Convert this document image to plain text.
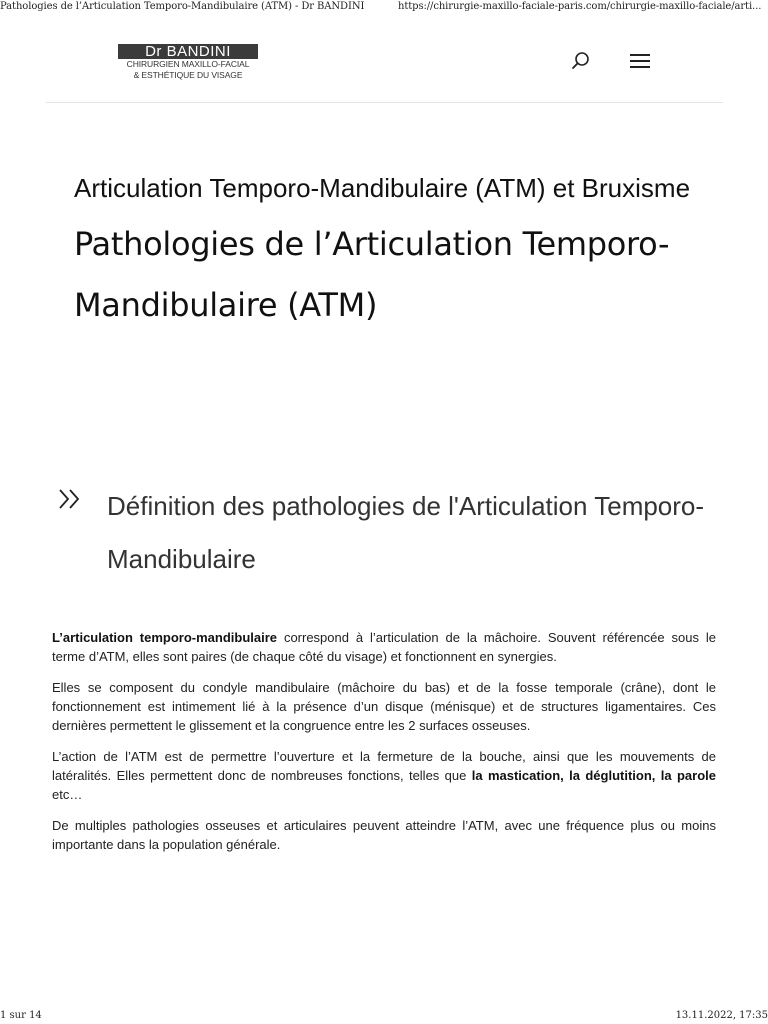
Pathologies de l’Articulation Temporo-Mandibulaire (ATM) - Dr BANDINI	https://chirurgie-maxillo-faciale-paris.com/chirurgie-maxillo-faciale/arti...
Dr BANDINI
CHIRURGIEN MAXILLO-FACIAL
& ESTHÉTIQUE DU VISAGE
Articulation Temporo-Mandibulaire (ATM) et Bruxisme
Pathologies de l’Articulation Temporo-Mandibulaire (ATM)
Définition des pathologies de l'Articulation Temporo-Mandibulaire

L’articulation temporo-mandibulaire correspond à l’articulation de la mâchoire. Souvent référencée sous le terme d’ATM, elles sont paires (de chaque côté du visage) et fonctionnent en synergies.

Elles se composent du condyle mandibulaire (mâchoire du bas) et de la fosse temporale (crâne), dont le fonctionnement est intimement lié à la présence d’un disque (ménisque) et de structures ligamentaires. Ces dernières permettent le glissement et la congruence entre les 2 surfaces osseuses.

L’action de l’ATM est de permettre l’ouverture et la fermeture de la bouche, ainsi que les mouvements de latéralités. Elles permettent donc de nombreuses fonctions, telles que la mastication, la déglutition, la parole etc…

De multiples pathologies osseuses et articulaires peuvent atteindre l’ATM, avec une fréquence plus ou moins importante dans la population générale.

1 sur 14	13.11.2022, 17:35
